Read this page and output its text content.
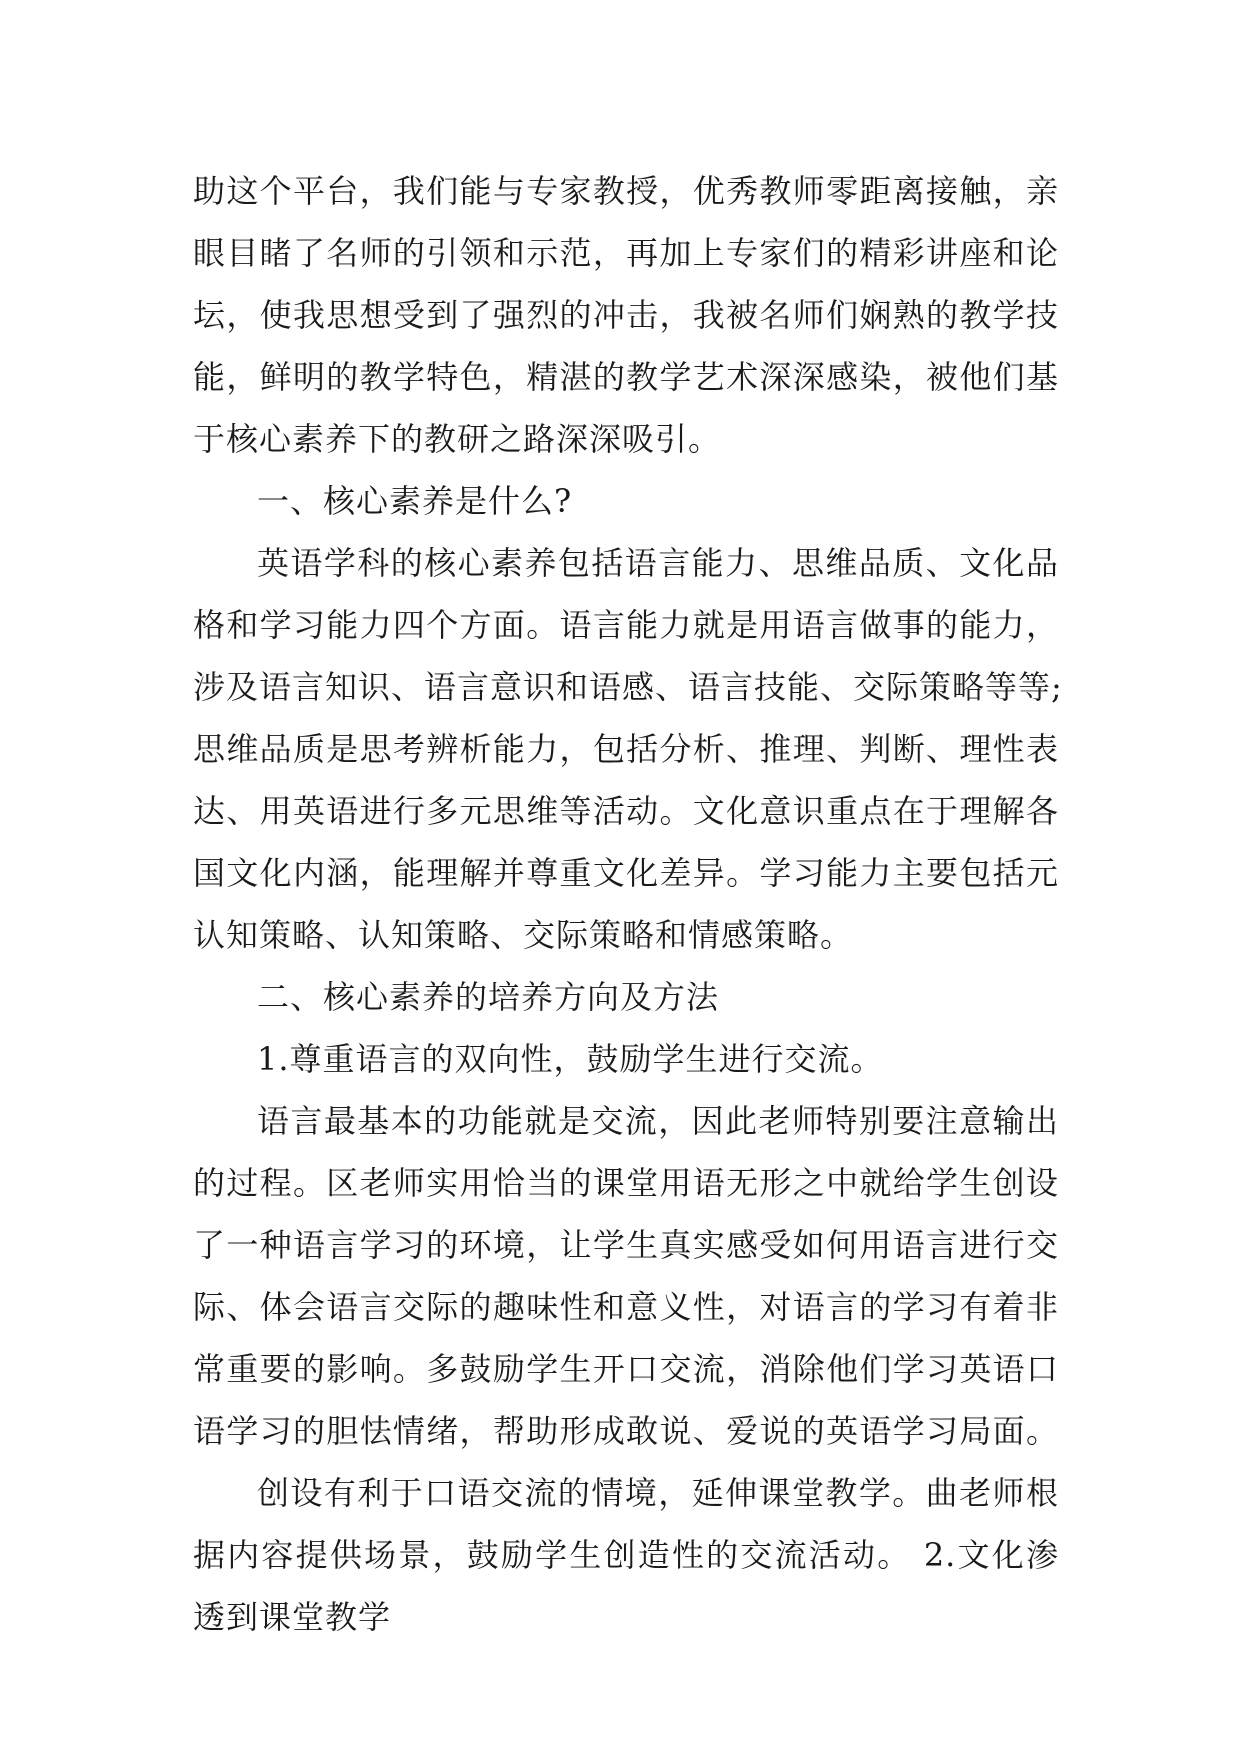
助这个平台，我们能与专家教授，优秀教师零距离接触，亲
眼目睹了名师的引领和示范，再加上专家们的精彩讲座和论
坛，使我思想受到了强烈的冲击，我被名师们娴熟的教学技
能，鲜明的教学特色，精湛的教学艺术深深感染，被他们基
于核心素养下的教研之路深深吸引。
一、核心素养是什么?
英语学科的核心素养包括语言能力、思维品质、文化品
格和学习能力四个方面。语言能力就是用语言做事的能力，
涉及语言知识、语言意识和语感、语言技能、交际策略等等;
思维品质是思考辨析能力，包括分析、推理、判断、理性表
达、用英语进行多元思维等活动。文化意识重点在于理解各
国文化内涵，能理解并尊重文化差异。学习能力主要包括元
认知策略、认知策略、交际策略和情感策略。
二、核心素养的培养方向及方法
1.尊重语言的双向性，鼓励学生进行交流。
语言最基本的功能就是交流，因此老师特别要注意输出
的过程。区老师实用恰当的课堂用语无形之中就给学生创设
了一种语言学习的环境，让学生真实感受如何用语言进行交
际、体会语言交际的趣味性和意义性，对语言的学习有着非
常重要的影响。多鼓励学生开口交流，消除他们学习英语口
语学习的胆怯情绪，帮助形成敢说、爱说的英语学习局面。
创设有利于口语交流的情境，延伸课堂教学。曲老师根
据内容提供场景，鼓励学生创造性的交流活动。 2.文化渗
透到课堂教学
